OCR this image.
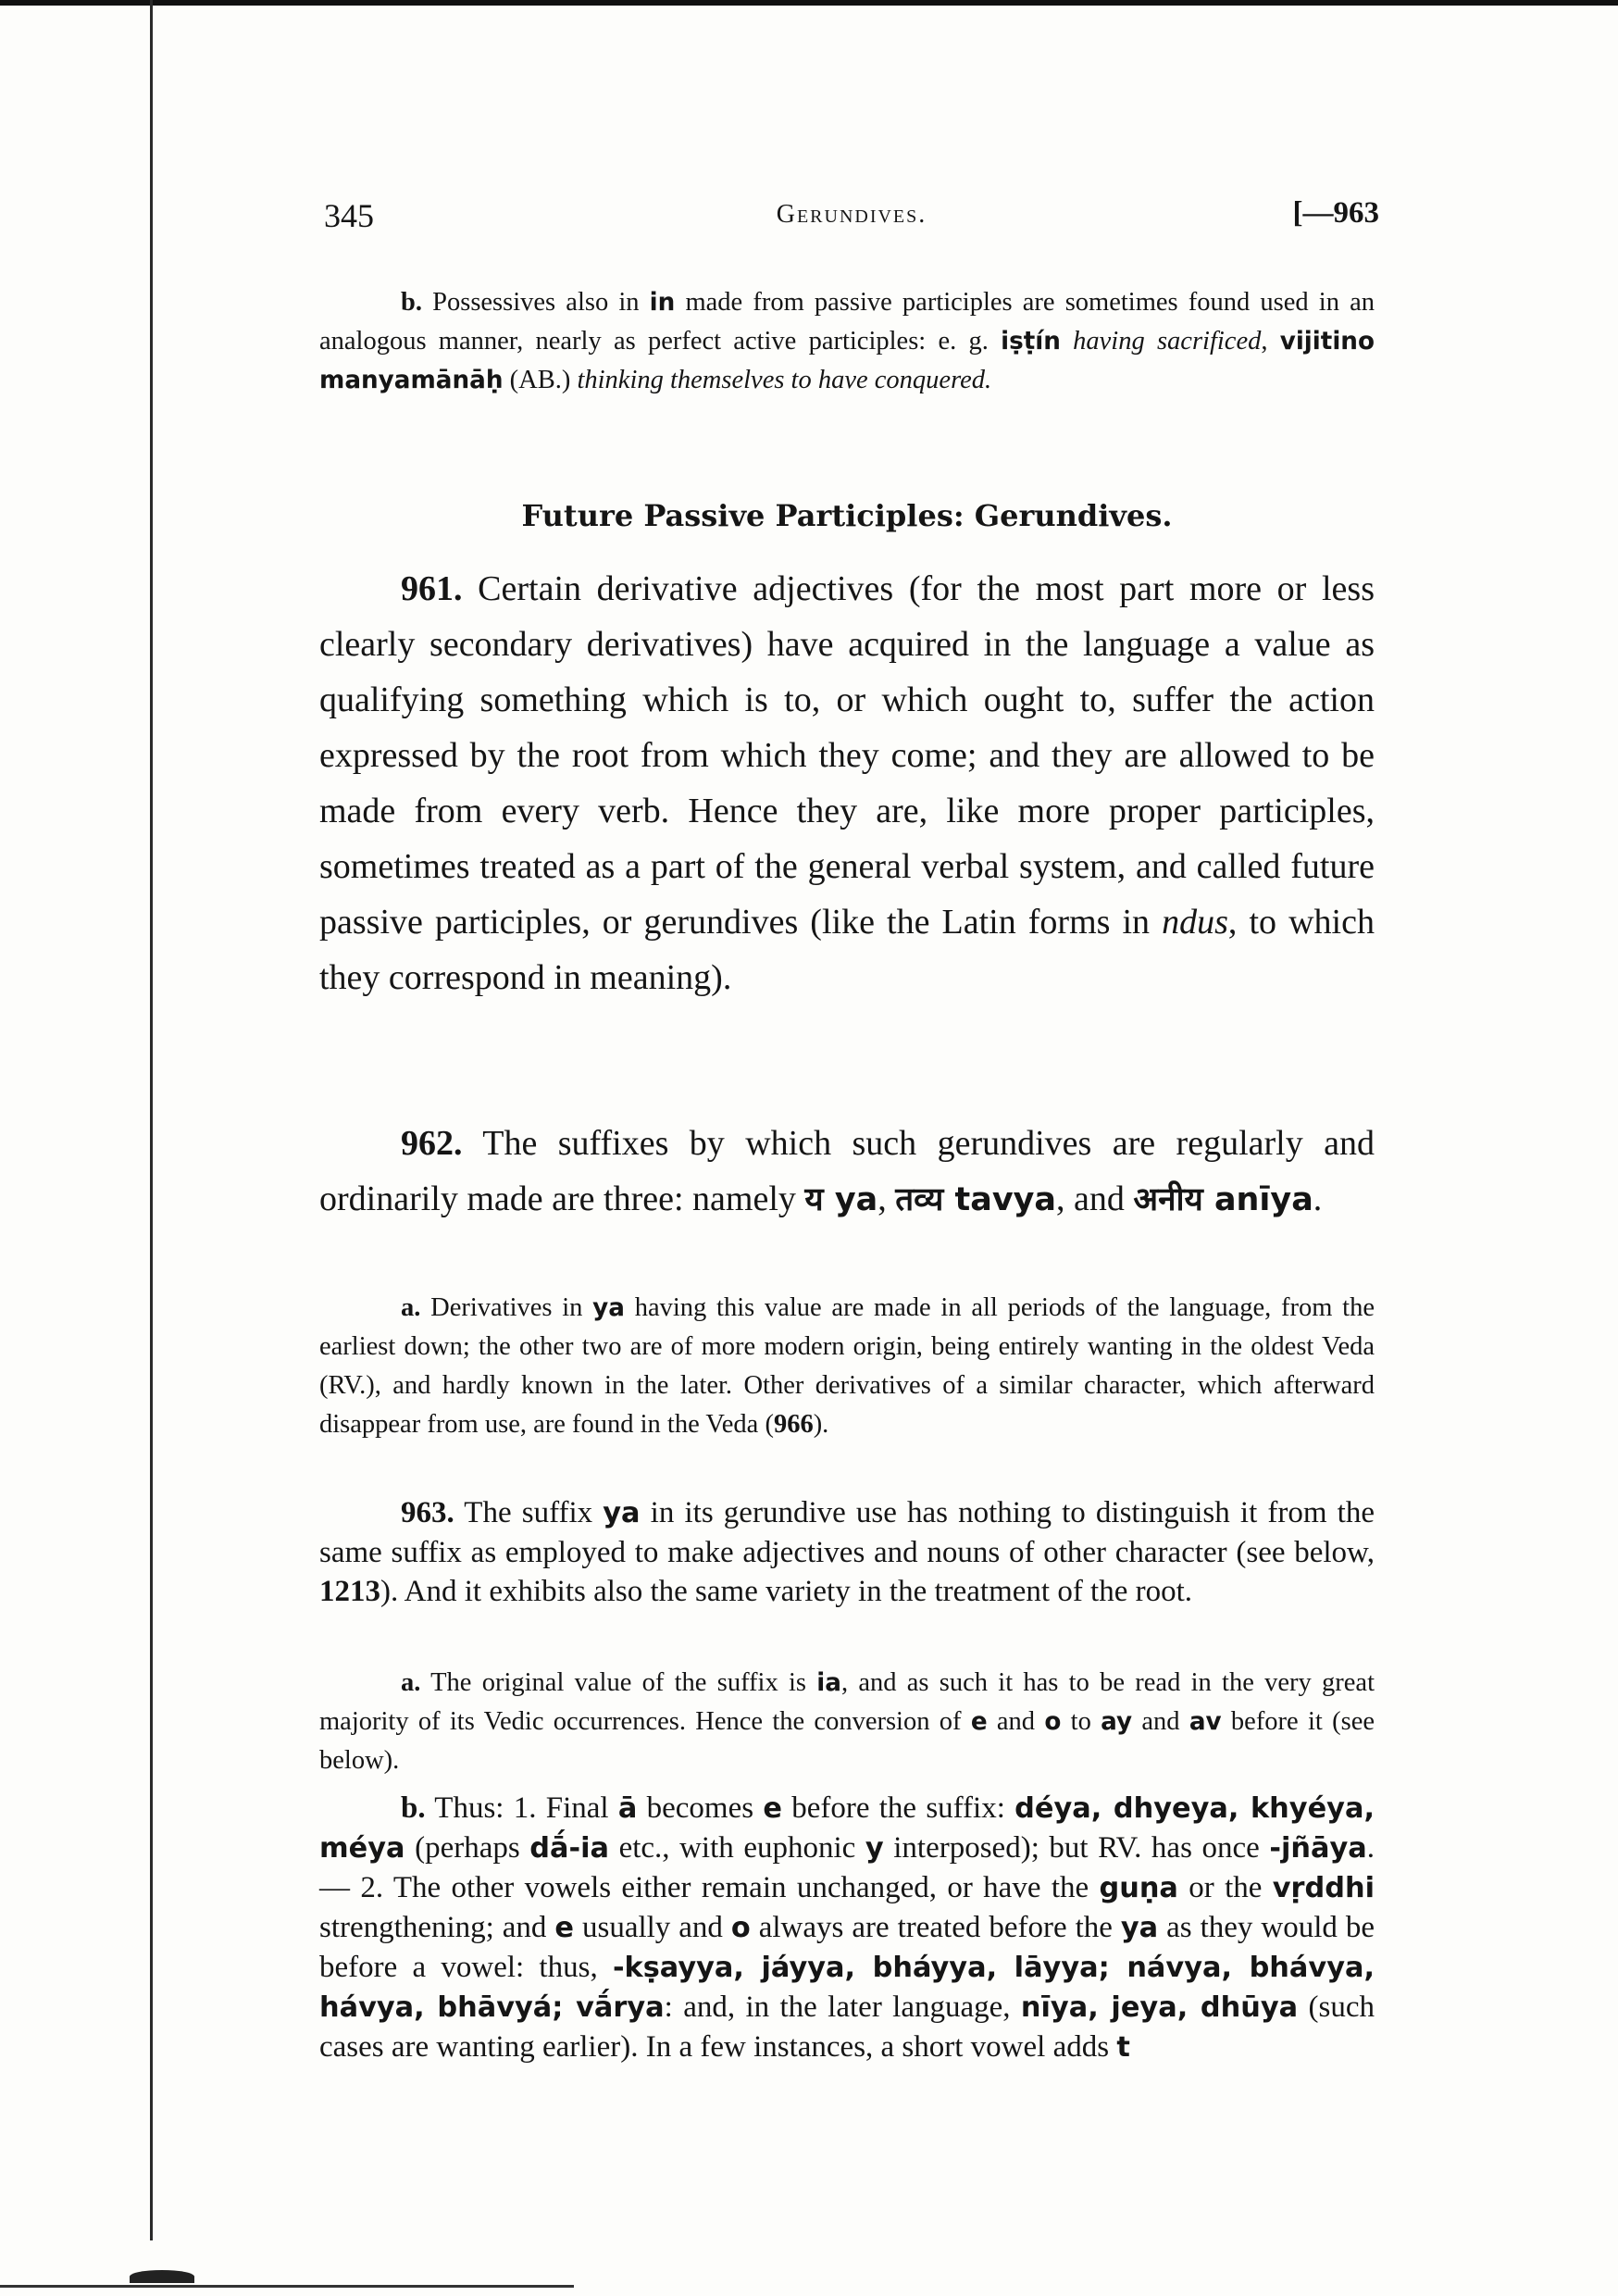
345	Gerundives.	[—963

b. Possessives also in in made from passive participles are sometimes found used in an analogous manner, nearly as perfect active participles: e. g. iṣṭín having sacrificed, vijitino manyamānāḥ (AB.) thinking themselves to have conquered.

Future Passive Participles: Gerundives.

961. Certain derivative adjectives (for the most part more or less clearly secondary derivatives) have acquired in the language a value as qualifying something which is to, or which ought to, suffer the action expressed by the root from which they come; and they are allowed to be made from every verb. Hence they are, like more proper participles, sometimes treated as a part of the general verbal system, and called future passive participles, or gerundives (like the Latin forms in ndus, to which they correspond in meaning).

962. The suffixes by which such gerundives are regularly and ordinarily made are three: namely य ya, तव्य tavya, and अनीय anīya.

a. Derivatives in ya having this value are made in all periods of the language, from the earliest down; the other two are of more modern origin, being entirely wanting in the oldest Veda (RV.), and hardly known in the later. Other derivatives of a similar character, which afterward disappear from use, are found in the Veda (966).

963. The suffix ya in its gerundive use has nothing to distinguish it from the same suffix as employed to make adjectives and nouns of other character (see below, 1213). And it exhibits also the same variety in the treatment of the root.

a. The original value of the suffix is ia, and as such it has to be read in the very great majority of its Vedic occurrences. Hence the conversion of e and o to ay and av before it (see below).

b. Thus: 1. Final ā becomes e before the suffix: déya, dhyeya, khyéya, méya (perhaps dā́-ia etc., with euphonic y interposed); but RV. has once -jñāya. — 2. The other vowels either remain unchanged, or have the guṇa or the vṛddhi strengthening; and e usually and o always are treated before the ya as they would be before a vowel: thus, -kṣayya, jáyya, bháyya, lāyya; návya, bhávya, hávya, bhāvyá; vā́rya: and, in the later language, nīya, jeya, dhūya (such cases are wanting earlier). In a few instances, a short vowel adds t
